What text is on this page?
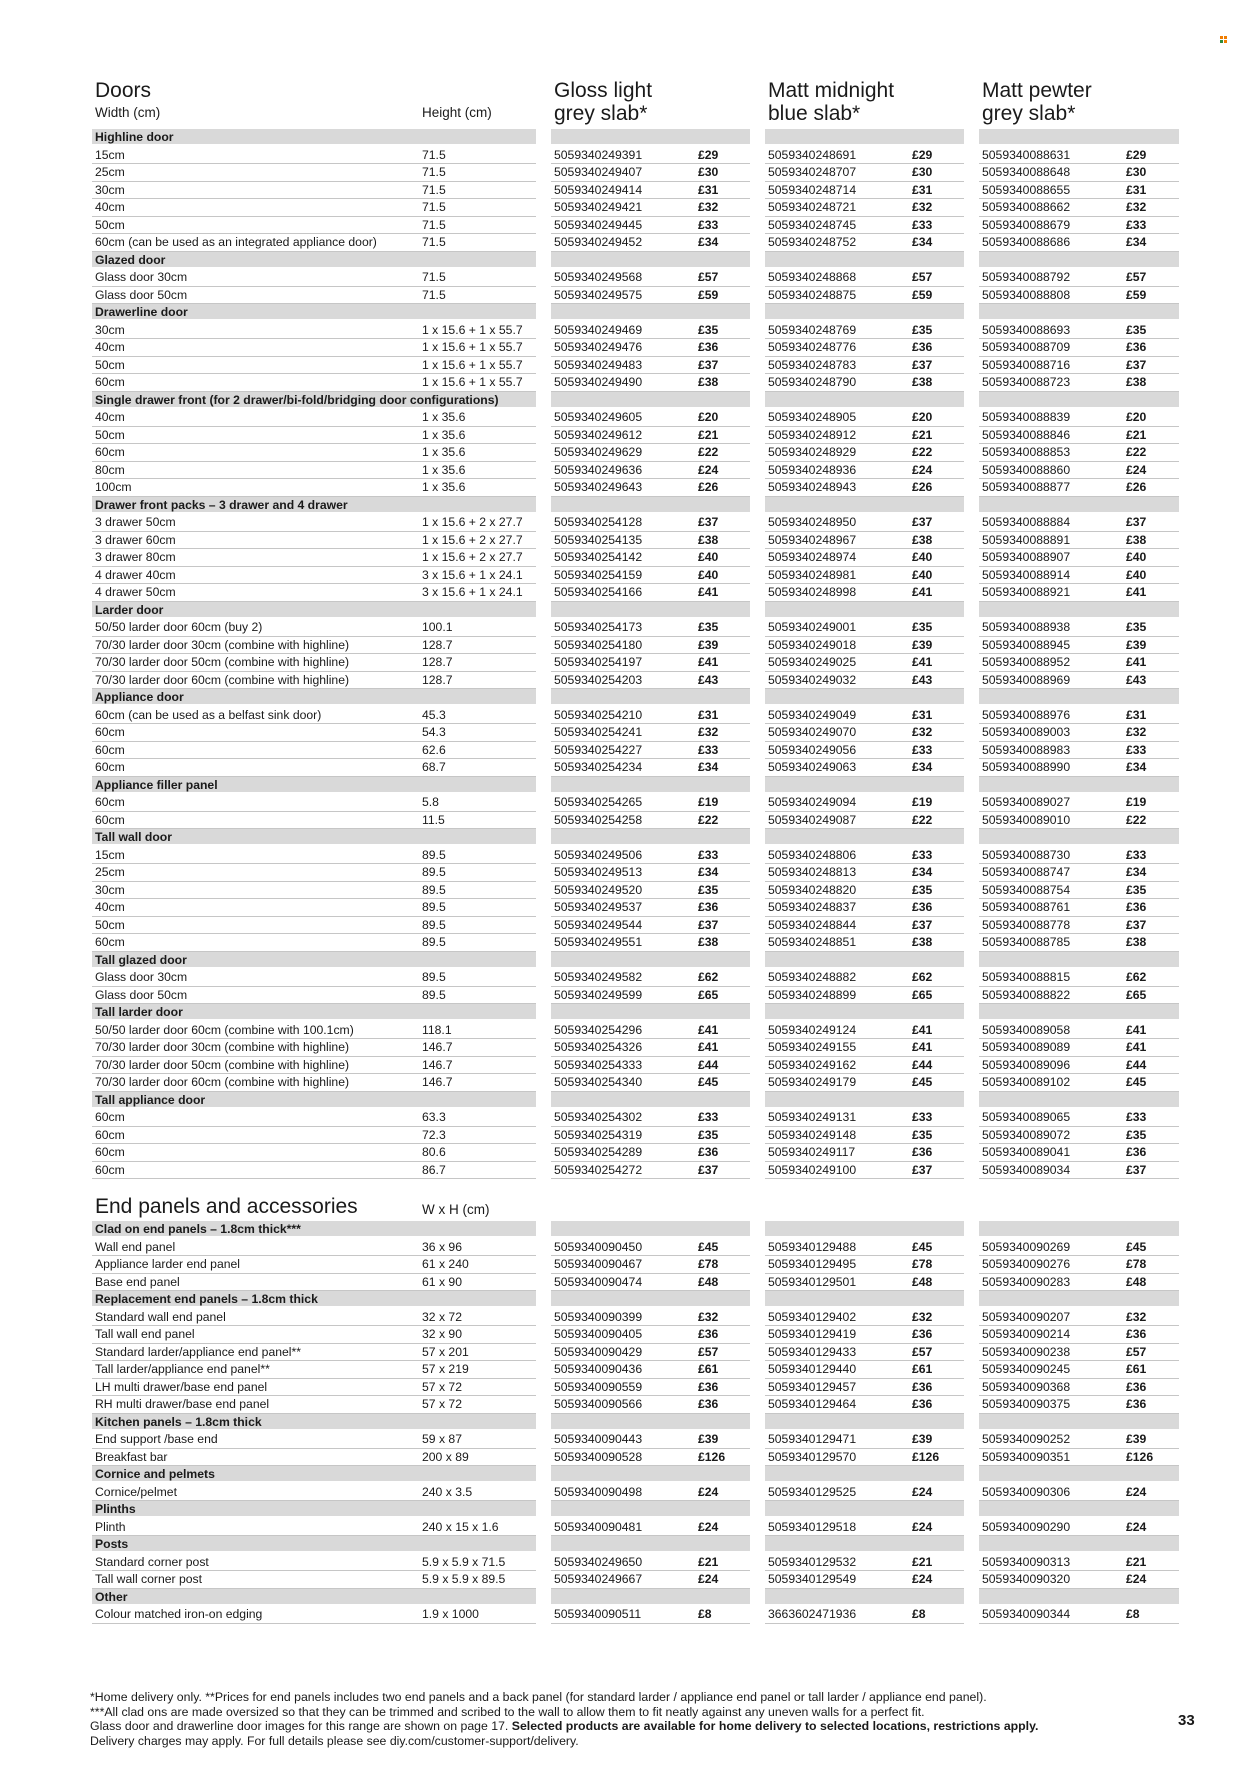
Doors
Width (cm)	Height (cm)
Gloss light
grey slab*
Matt midnight
blue slab*
Matt pewter
grey slab*
Highline door
15cm	71.5	5059340249391	£29	5059340248691	£29	5059340088631	£29
25cm	71.5	5059340249407	£30	5059340248707	£30	5059340088648	£30
30cm	71.5	5059340249414	£31	5059340248714	£31	5059340088655	£31
40cm	71.5	5059340249421	£32	5059340248721	£32	5059340088662	£32
50cm	71.5	5059340249445	£33	5059340248745	£33	5059340088679	£33
60cm (can be used as an integrated appliance door)	71.5	5059340249452	£34	5059340248752	£34	5059340088686	£34
Glazed door
Glass door 30cm	71.5	5059340249568	£57	5059340248868	£57	5059340088792	£57
Glass door 50cm	71.5	5059340249575	£59	5059340248875	£59	5059340088808	£59
Drawerline door
30cm	1 x 15.6 + 1 x 55.7	5059340249469	£35	5059340248769	£35	5059340088693	£35
40cm	1 x 15.6 + 1 x 55.7	5059340249476	£36	5059340248776	£36	5059340088709	£36
50cm	1 x 15.6 + 1 x 55.7	5059340249483	£37	5059340248783	£37	5059340088716	£37
60cm	1 x 15.6 + 1 x 55.7	5059340249490	£38	5059340248790	£38	5059340088723	£38
Single drawer front (for 2 drawer/bi-fold/bridging door configurations)
40cm	1 x 35.6	5059340249605	£20	5059340248905	£20	5059340088839	£20
50cm	1 x 35.6	5059340249612	£21	5059340248912	£21	5059340088846	£21
60cm	1 x 35.6	5059340249629	£22	5059340248929	£22	5059340088853	£22
80cm	1 x 35.6	5059340249636	£24	5059340248936	£24	5059340088860	£24
100cm	1 x 35.6	5059340249643	£26	5059340248943	£26	5059340088877	£26
Drawer front packs – 3 drawer and 4 drawer
3 drawer 50cm	1 x 15.6 + 2 x 27.7	5059340254128	£37	5059340248950	£37	5059340088884	£37
3 drawer 60cm	1 x 15.6 + 2 x 27.7	5059340254135	£38	5059340248967	£38	5059340088891	£38
3 drawer 80cm	1 x 15.6 + 2 x 27.7	5059340254142	£40	5059340248974	£40	5059340088907	£40
4 drawer 40cm	3 x 15.6 + 1 x 24.1	5059340254159	£40	5059340248981	£40	5059340088914	£40
4 drawer 50cm	3 x 15.6 + 1 x 24.1	5059340254166	£41	5059340248998	£41	5059340088921	£41
Larder door
50/50 larder door 60cm (buy 2)	100.1	5059340254173	£35	5059340249001	£35	5059340088938	£35
70/30 larder door 30cm (combine with highline)	128.7	5059340254180	£39	5059340249018	£39	5059340088945	£39
70/30 larder door 50cm (combine with highline)	128.7	5059340254197	£41	5059340249025	£41	5059340088952	£41
70/30 larder door 60cm (combine with highline)	128.7	5059340254203	£43	5059340249032	£43	5059340088969	£43
Appliance door
60cm (can be used as a belfast sink door)	45.3	5059340254210	£31	5059340249049	£31	5059340088976	£31
60cm	54.3	5059340254241	£32	5059340249070	£32	5059340089003	£32
60cm	62.6	5059340254227	£33	5059340249056	£33	5059340088983	£33
60cm	68.7	5059340254234	£34	5059340249063	£34	5059340088990	£34
Appliance filler panel
60cm	5.8	5059340254265	£19	5059340249094	£19	5059340089027	£19
60cm	11.5	5059340254258	£22	5059340249087	£22	5059340089010	£22
Tall wall door
15cm	89.5	5059340249506	£33	5059340248806	£33	5059340088730	£33
25cm	89.5	5059340249513	£34	5059340248813	£34	5059340088747	£34
30cm	89.5	5059340249520	£35	5059340248820	£35	5059340088754	£35
40cm	89.5	5059340249537	£36	5059340248837	£36	5059340088761	£36
50cm	89.5	5059340249544	£37	5059340248844	£37	5059340088778	£37
60cm	89.5	5059340249551	£38	5059340248851	£38	5059340088785	£38
Tall glazed door
Glass door 30cm	89.5	5059340249582	£62	5059340248882	£62	5059340088815	£62
Glass door 50cm	89.5	5059340249599	£65	5059340248899	£65	5059340088822	£65
Tall larder door
50/50 larder door 60cm (combine with 100.1cm)	118.1	5059340254296	£41	5059340249124	£41	5059340089058	£41
70/30 larder door 30cm (combine with highline)	146.7	5059340254326	£41	5059340249155	£41	5059340089089	£41
70/30 larder door 50cm (combine with highline)	146.7	5059340254333	£44	5059340249162	£44	5059340089096	£44
70/30 larder door 60cm (combine with highline)	146.7	5059340254340	£45	5059340249179	£45	5059340089102	£45
Tall appliance door
60cm	63.3	5059340254302	£33	5059340249131	£33	5059340089065	£33
60cm	72.3	5059340254319	£35	5059340249148	£35	5059340089072	£35
60cm	80.6	5059340254289	£36	5059340249117	£36	5059340089041	£36
60cm	86.7	5059340254272	£37	5059340249100	£37	5059340089034	£37
End panels and accessories	W x H (cm)
Clad on end panels – 1.8cm thick***
Wall end panel	36 x 96	5059340090450	£45	5059340129488	£45	5059340090269	£45
Appliance larder end panel	61 x 240	5059340090467	£78	5059340129495	£78	5059340090276	£78
Base end panel	61 x 90	5059340090474	£48	5059340129501	£48	5059340090283	£48
Replacement end panels – 1.8cm thick
Standard wall end panel	32 x 72	5059340090399	£32	5059340129402	£32	5059340090207	£32
Tall wall end panel	32 x 90	5059340090405	£36	5059340129419	£36	5059340090214	£36
Standard larder/appliance end panel**	57 x 201	5059340090429	£57	5059340129433	£57	5059340090238	£57
Tall larder/appliance end panel**	57 x 219	5059340090436	£61	5059340129440	£61	5059340090245	£61
LH multi drawer/base end panel	57 x 72	5059340090559	£36	5059340129457	£36	5059340090368	£36
RH multi drawer/base end panel	57 x 72	5059340090566	£36	5059340129464	£36	5059340090375	£36
Kitchen panels – 1.8cm thick
End support /base end	59 x 87	5059340090443	£39	5059340129471	£39	5059340090252	£39
Breakfast bar	200 x 89	5059340090528	£126	5059340129570	£126	5059340090351	£126
Cornice and pelmets
Cornice/pelmet	240 x 3.5	5059340090498	£24	5059340129525	£24	5059340090306	£24
Plinths
Plinth	240 x 15 x 1.6	5059340090481	£24	5059340129518	£24	5059340090290	£24
Posts
Standard corner post	5.9 x 5.9 x 71.5	5059340249650	£21	5059340129532	£21	5059340090313	£21
Tall wall corner post	5.9 x 5.9 x 89.5	5059340249667	£24	5059340129549	£24	5059340090320	£24
Other
Colour matched iron-on edging	1.9 x 1000	5059340090511	£8	3663602471936	£8	5059340090344	£8
*Home delivery only. **Prices for end panels includes two end panels and a back panel (for standard larder / appliance end panel or tall larder / appliance end panel).
***All clad ons are made oversized so that they can be trimmed and scribed to the wall to allow them to fit neatly against any uneven walls for a perfect fit.
Glass door and drawerline door images for this range are shown on page 17. Selected products are available for home delivery to selected locations, restrictions apply.
Delivery charges may apply. For full details please see diy.com/customer-support/delivery.
33
